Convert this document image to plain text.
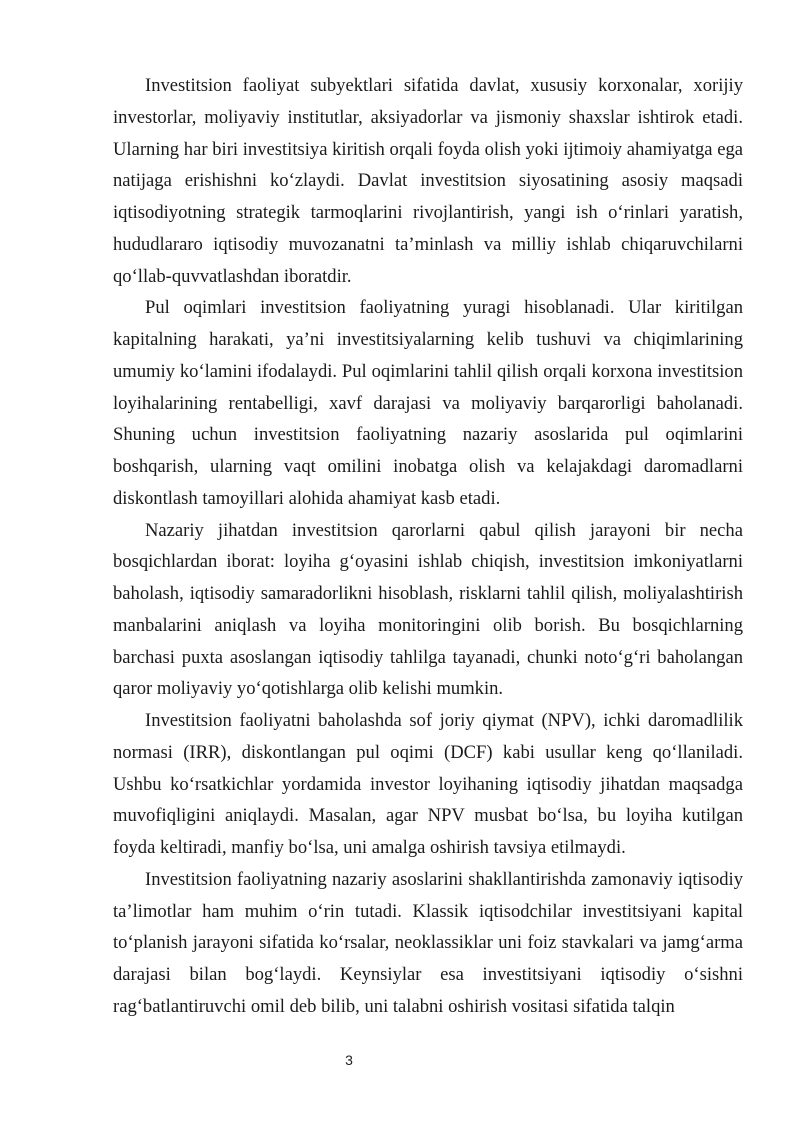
Investitsion faoliyat subyektlari sifatida davlat, xususiy korxonalar, xorijiy investorlar, moliyaviy institutlar, aksiyadorlar va jismoniy shaxslar ishtirok etadi. Ularning har biri investitsiya kiritish orqali foyda olish yoki ijtimoiy ahamiyatga ega natijaga erishishni ko‘zlaydi. Davlat investitsion siyosatining asosiy maqsadi iqtisodiyotning strategik tarmoqlarini rivojlantirish, yangi ish o‘rinlari yaratish, hududlararo iqtisodiy muvozanatni ta’minlash va milliy ishlab chiqaruvchilarni qo‘llab-quvvatlashdan iboratdir.

Pul oqimlari investitsion faoliyatning yuragi hisoblanadi. Ular kiritilgan kapitalning harakati, ya’ni investitsiyalarning kelib tushuvi va chiqimlarining umumiy ko‘lamini ifodalaydi. Pul oqimlarini tahlil qilish orqali korxona investitsion loyihalarining rentabelligi, xavf darajasi va moliyaviy barqarorligi baholanadi. Shuning uchun investitsion faoliyatning nazariy asoslarida pul oqimlarini boshqarish, ularning vaqt omilini inobatga olish va kelajakdagi daromadlarni diskontlash tamoyillari alohida ahamiyat kasb etadi.

Nazariy jihatdan investitsion qarorlarni qabul qilish jarayoni bir necha bosqichlardan iborat: loyiha g‘oyasini ishlab chiqish, investitsion imkoniyatlarni baholash, iqtisodiy samaradorlikni hisoblash, risklarni tahlil qilish, moliyalashtirish manbalarini aniqlash va loyiha monitoringini olib borish. Bu bosqichlarning barchasi puxta asoslangan iqtisodiy tahlilga tayanadi, chunki noto‘g‘ri baholangan qaror moliyaviy yo‘qotishlarga olib kelishi mumkin.

Investitsion faoliyatni baholashda sof joriy qiymat (NPV), ichki daromadlilik normasi (IRR), diskontlangan pul oqimi (DCF) kabi usullar keng qo‘llaniladi. Ushbu ko‘rsatkichlar yordamida investor loyihaning iqtisodiy jihatdan maqsadga muvofiqligini aniqlaydi. Masalan, agar NPV musbat bo‘lsa, bu loyiha kutilgan foyda keltiradi, manfiy bo‘lsa, uni amalga oshirish tavsiya etilmaydi.

Investitsion faoliyatning nazariy asoslarini shakllantirishda zamonaviy iqtisodiy ta’limotlar ham muhim o‘rin tutadi. Klassik iqtisodchilar investitsiyani kapital to‘planish jarayoni sifatida ko‘rsalar, neoklassiklar uni foiz stavkalari va jamg‘arma darajasi bilan bog‘laydi. Keynsiylar esa investitsiyani iqtisodiy o‘sishni rag‘batlantiruvchi omil deb bilib, uni talabni oshirish vositasi sifatida talqin

3
